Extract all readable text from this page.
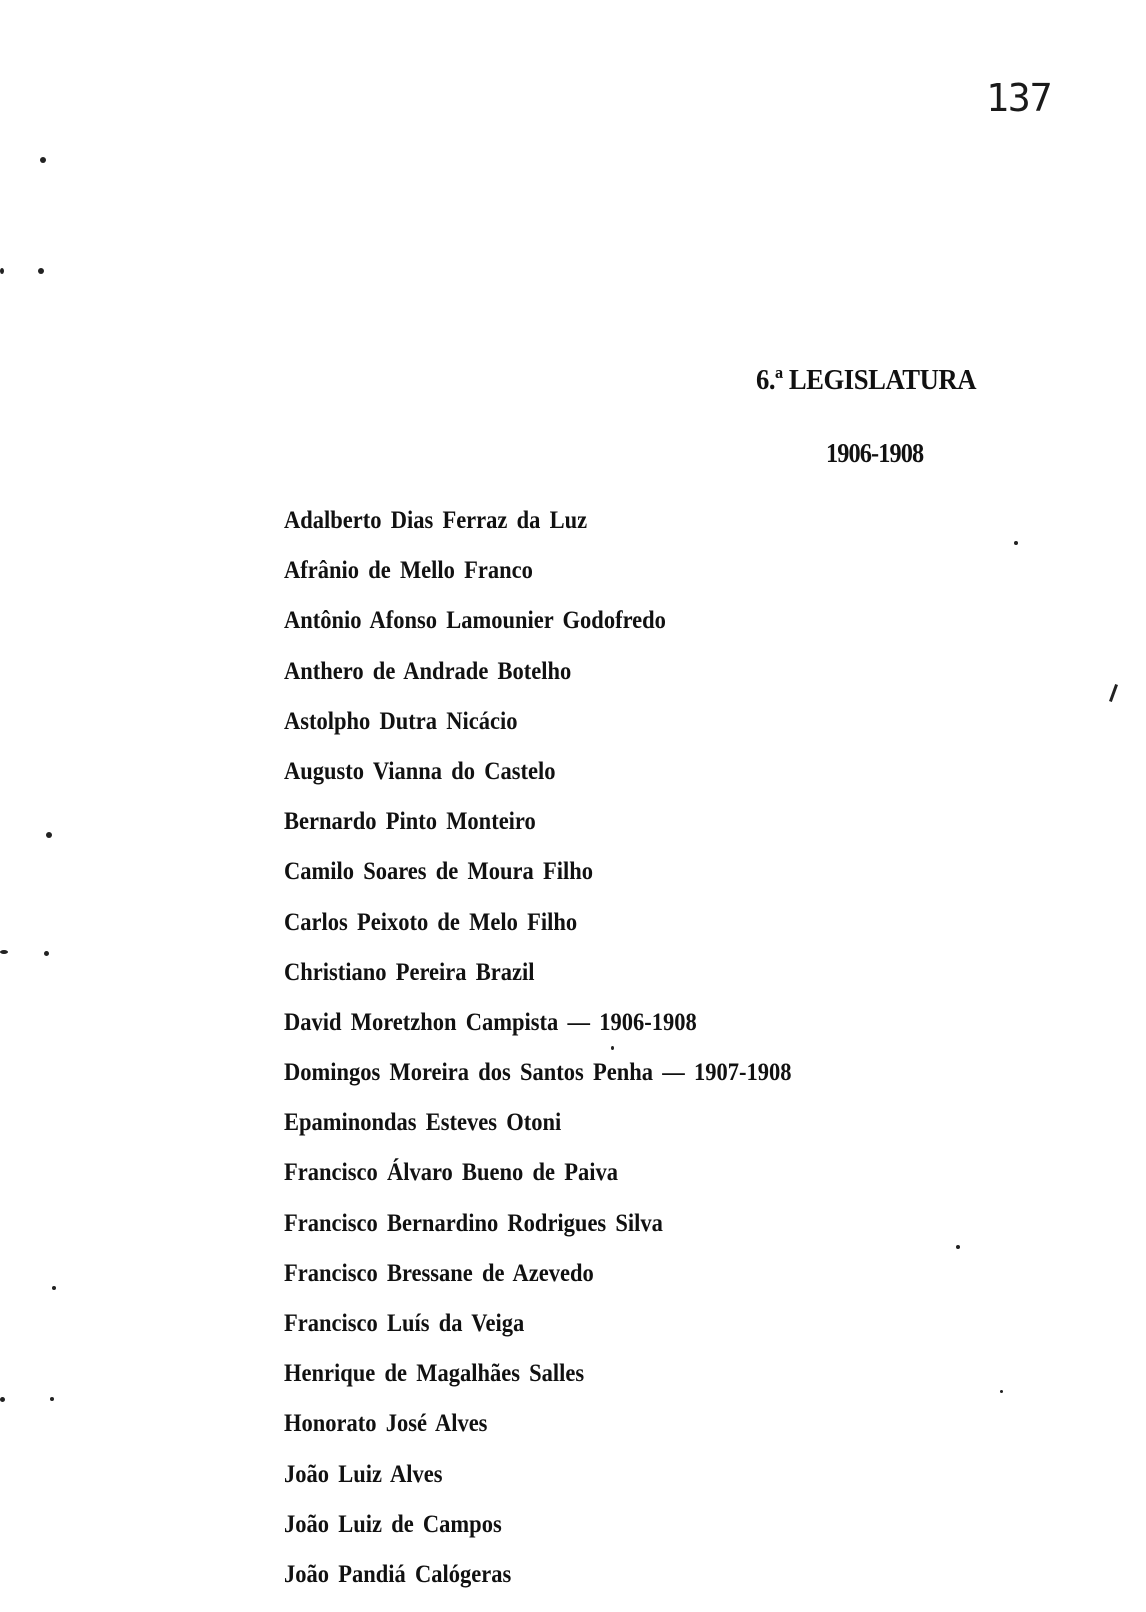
137
6.ª LEGISLATURA
1906-1908
Adalberto Dias Ferraz da Luz
Afrânio de Mello Franco
Antônio Afonso Lamounier Godofredo
Anthero de Andrade Botelho
Astolpho Dutra Nicácio
Augusto Vianna do Castelo
Bernardo Pinto Monteiro
Camilo Soares de Moura Filho
Carlos Peixoto de Melo Filho
Christiano Pereira Brazil
David Moretzhon Campista — 1906-1908
Domingos Moreira dos Santos Penha — 1907-1908
Epaminondas Esteves Otoni
Francisco Álvaro Bueno de Paiva
Francisco Bernardino Rodrigues Silva
Francisco Bressane de Azevedo
Francisco Luís da Veiga
Henrique de Magalhães Salles
Honorato José Alves
João Luiz Alves
João Luiz de Campos
João Pandiá Calógeras
